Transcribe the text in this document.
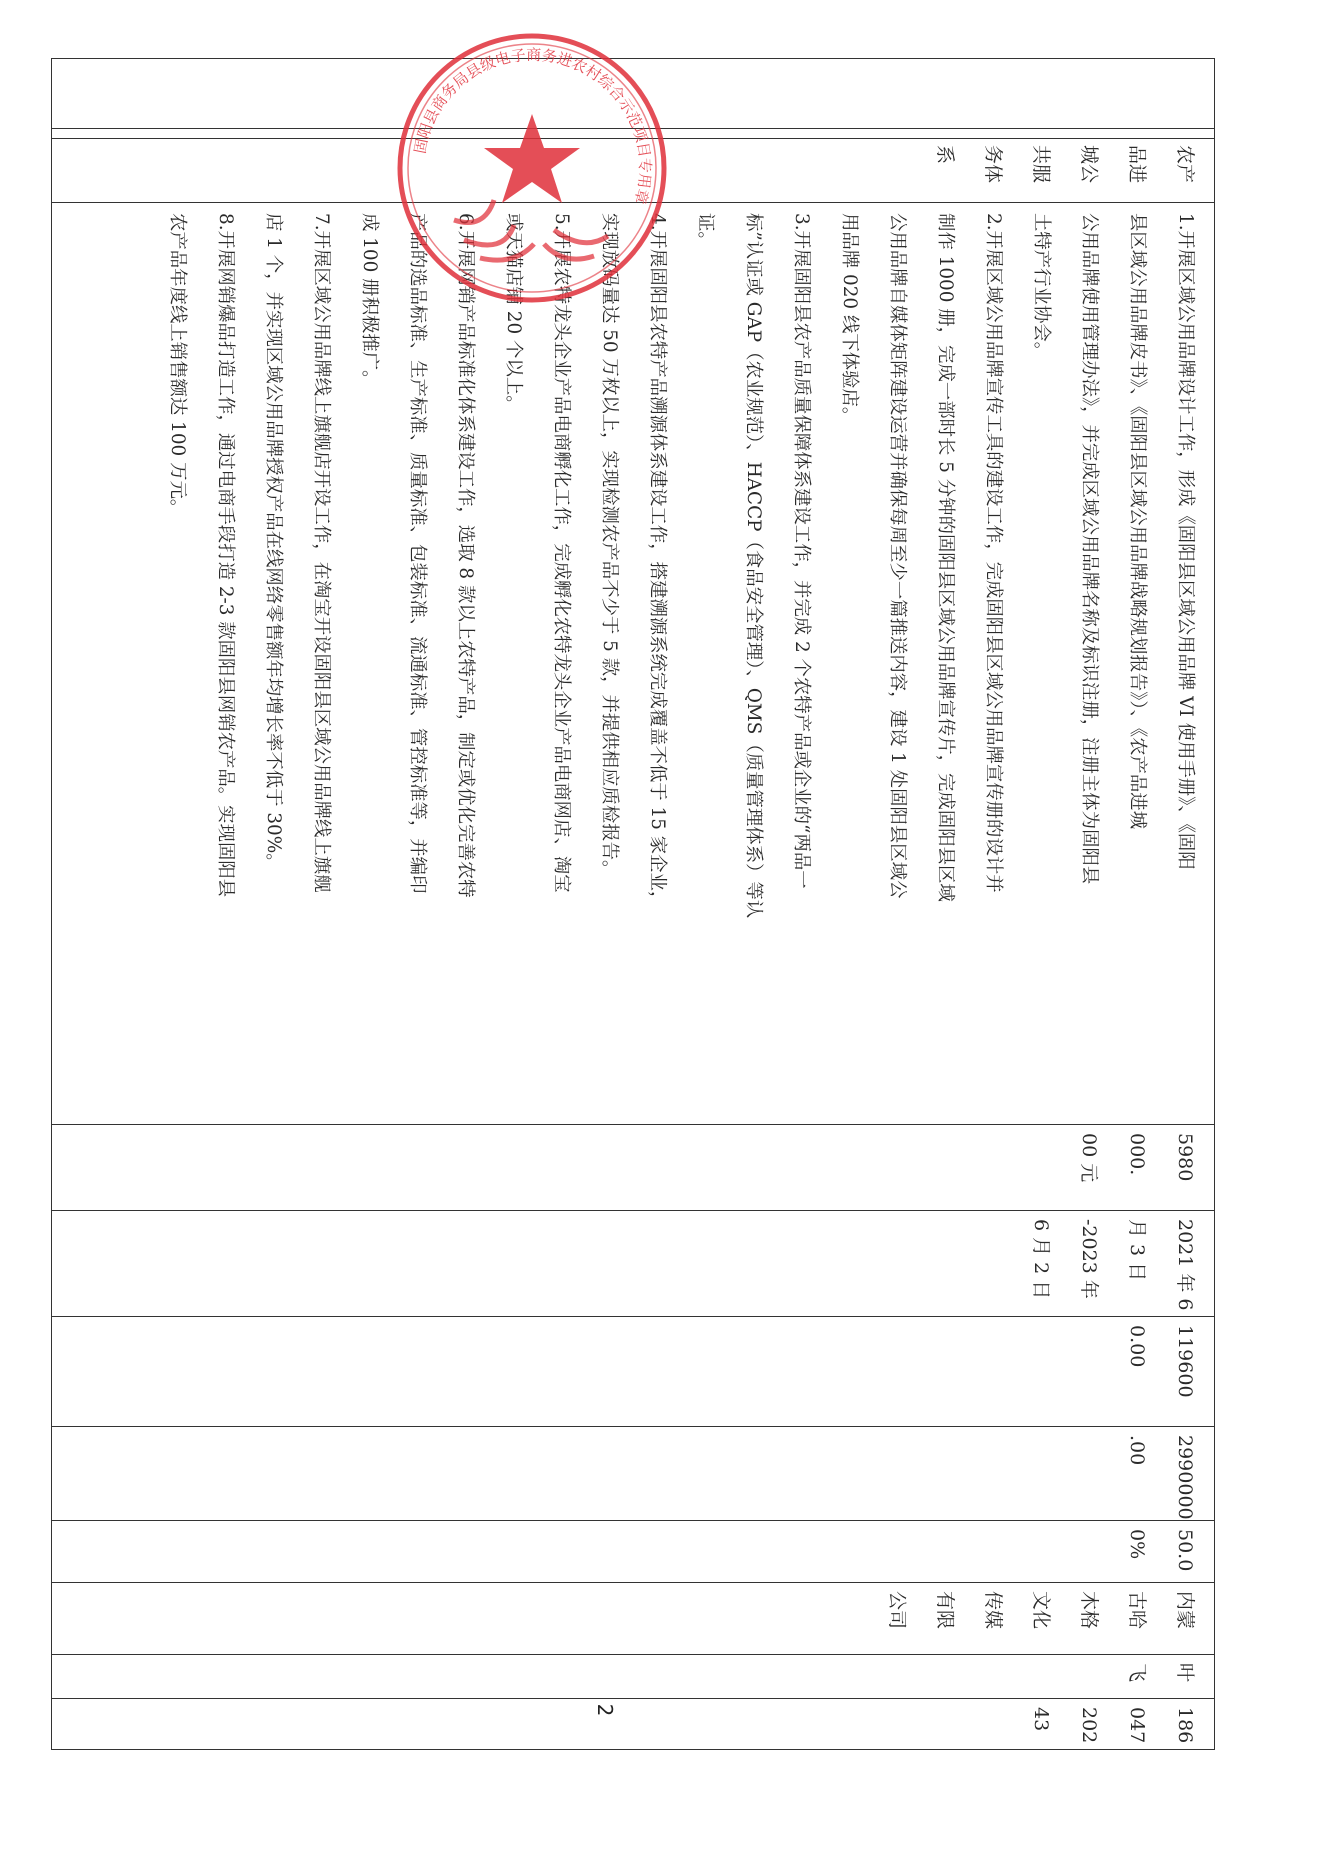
农产
品进
城公
共服
务体
系
1.开展区域公用品牌设计工作，形成《固阳县区域公用品牌 VI 使用手册》、《固阳
县区域公用品牌皮书》、《固阳县区域公用品牌战略规划报告》）、《农产品进城
公用品牌使用管理办法》，并完成区域公用品牌名称及标识注册，注册主体为固阳县
土特产行业协会。
2.开展区域公用品牌宣传工具的建设工作，完成固阳县区域公用品牌宣传册的设计并
制作 1000 册，完成一部时长 5 分钟的固阳县区域公用品牌宣传片，完成固阳县区域
公用品牌自媒体矩阵建设运营并确保每周至少一篇推送内容，建设 1 处固阳县区域公
用品牌 020 线下体验店。
3.开展固阳县农产品质量保障体系建设工作，并完成 2 个农特产品或企业的“两品一
标”认证或 GAP（农业规范）、HACCP（食品安全管理）、QMS（质量管理体系）等认
证。
4.开展固阳县农特产品溯源体系建设工作，搭建溯源系统完成覆盖不低于 15 家企业，
实现放码量达 50 万枚以上，实现检测农产品不少于 5 款，并提供相应质检报告。
5.开展农特龙头企业产品电商孵化工作，完成孵化农特龙头企业产品电商网店、淘宝
或天猫店铺 20 个以上。
6.开展网销产品标准化体系建设工作，选取 8 款以上农特产品，制定或优化完善农特
产品的选品标准、生产标准、质量标准、包装标准、流通标准、管控标准等，并编印
成 100 册积极推广。
7.开展区域公用品牌线上旗舰店开设工作，在淘宝开设固阳县区域公用品牌线上旗舰
店 1 个，并实现区域公用品牌授权产品在线网络零售额年均增长率不低于 30%。
8.开展网销爆品打造工作，通过电商手段打造 2-3 款固阳县网销农产品。实现固阳县
农产品年度线上销售额达 100 万元。
5980
000.
00 元
2021 年 6
月 3 日
-2023 年
6 月 2 日
119600
0.00
2990000
.00
50.0
0%
内蒙
古哈
木格
文化
传媒
有限
公司
叶
飞
186
047
202
43
2
固阳县商务局县级电子商务进农村综合示范项目专用章
